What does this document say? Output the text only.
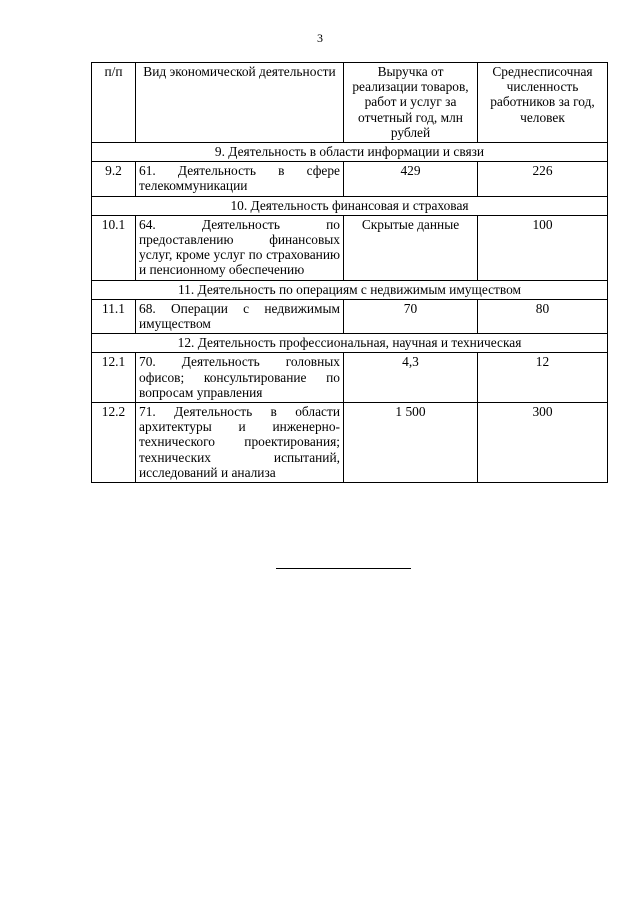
3
п/п	Вид экономической деятельности	Выручка от реализации товаров, работ и услуг за отчетный год, млн рублей	Среднесписочная численность работников за год, человек
9. Деятельность в области информации и связи			
9.2	61. Деятельность в сфере телекоммуникации	429	226
10. Деятельность финансовая и страховая			
10.1	64. Деятельность по предоставлению финансовых услуг, кроме услуг по страхованию и пенсионному обеспечению	Скрытые данные	100
11. Деятельность по операциям с недвижимым имуществом			
11.1	68. Операции с недвижимым имуществом	70	80
12. Деятельность профессиональная, научная и техническая			
12.1	70. Деятельность головных офисов; консультирование по вопросам управления	4,3	12
12.2	71. Деятельность в области архитектуры и инженерно-технического проектирования; технических испытаний, исследований и анализа	1 500	300
